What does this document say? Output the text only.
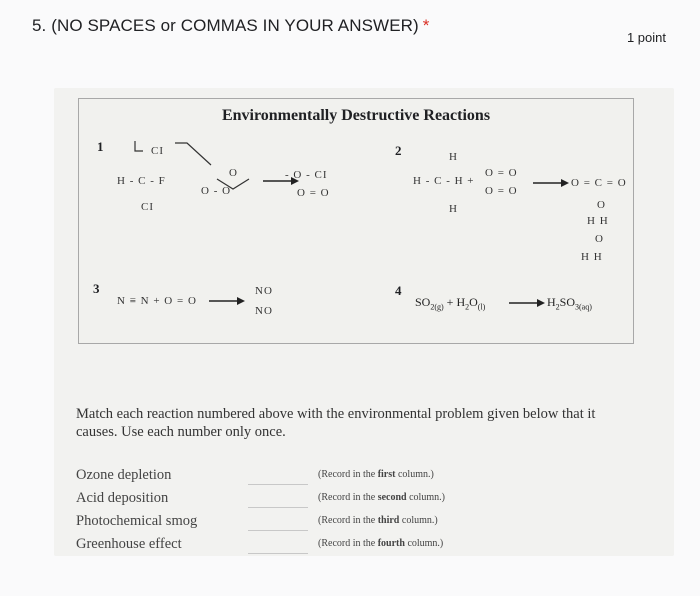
5. (NO SPACES or COMMAS IN YOUR ANSWER) *
1 point
Environmentally Destructive Reactions
1	CI
H - C - F
CI
O
O - O
- O - CI
O = O
2	H
H - C - H +
H
O = O
O = O
O = C = O
O
H H
O
H H
3
N ≡ N + O = O →
NO
NO
4
$SO_{2(g)} + H_2O_{(l)}$ →
$H_2SO_{3(aq)}$
Match each reaction numbered above with the environmental problem given below that it causes. Use each number only once.
Ozone depletion	(Record in the first column.)
Acid deposition	(Record in the second column.)
Photochemical smog	(Record in the third column.)
Greenhouse effect	(Record in the fourth column.)
